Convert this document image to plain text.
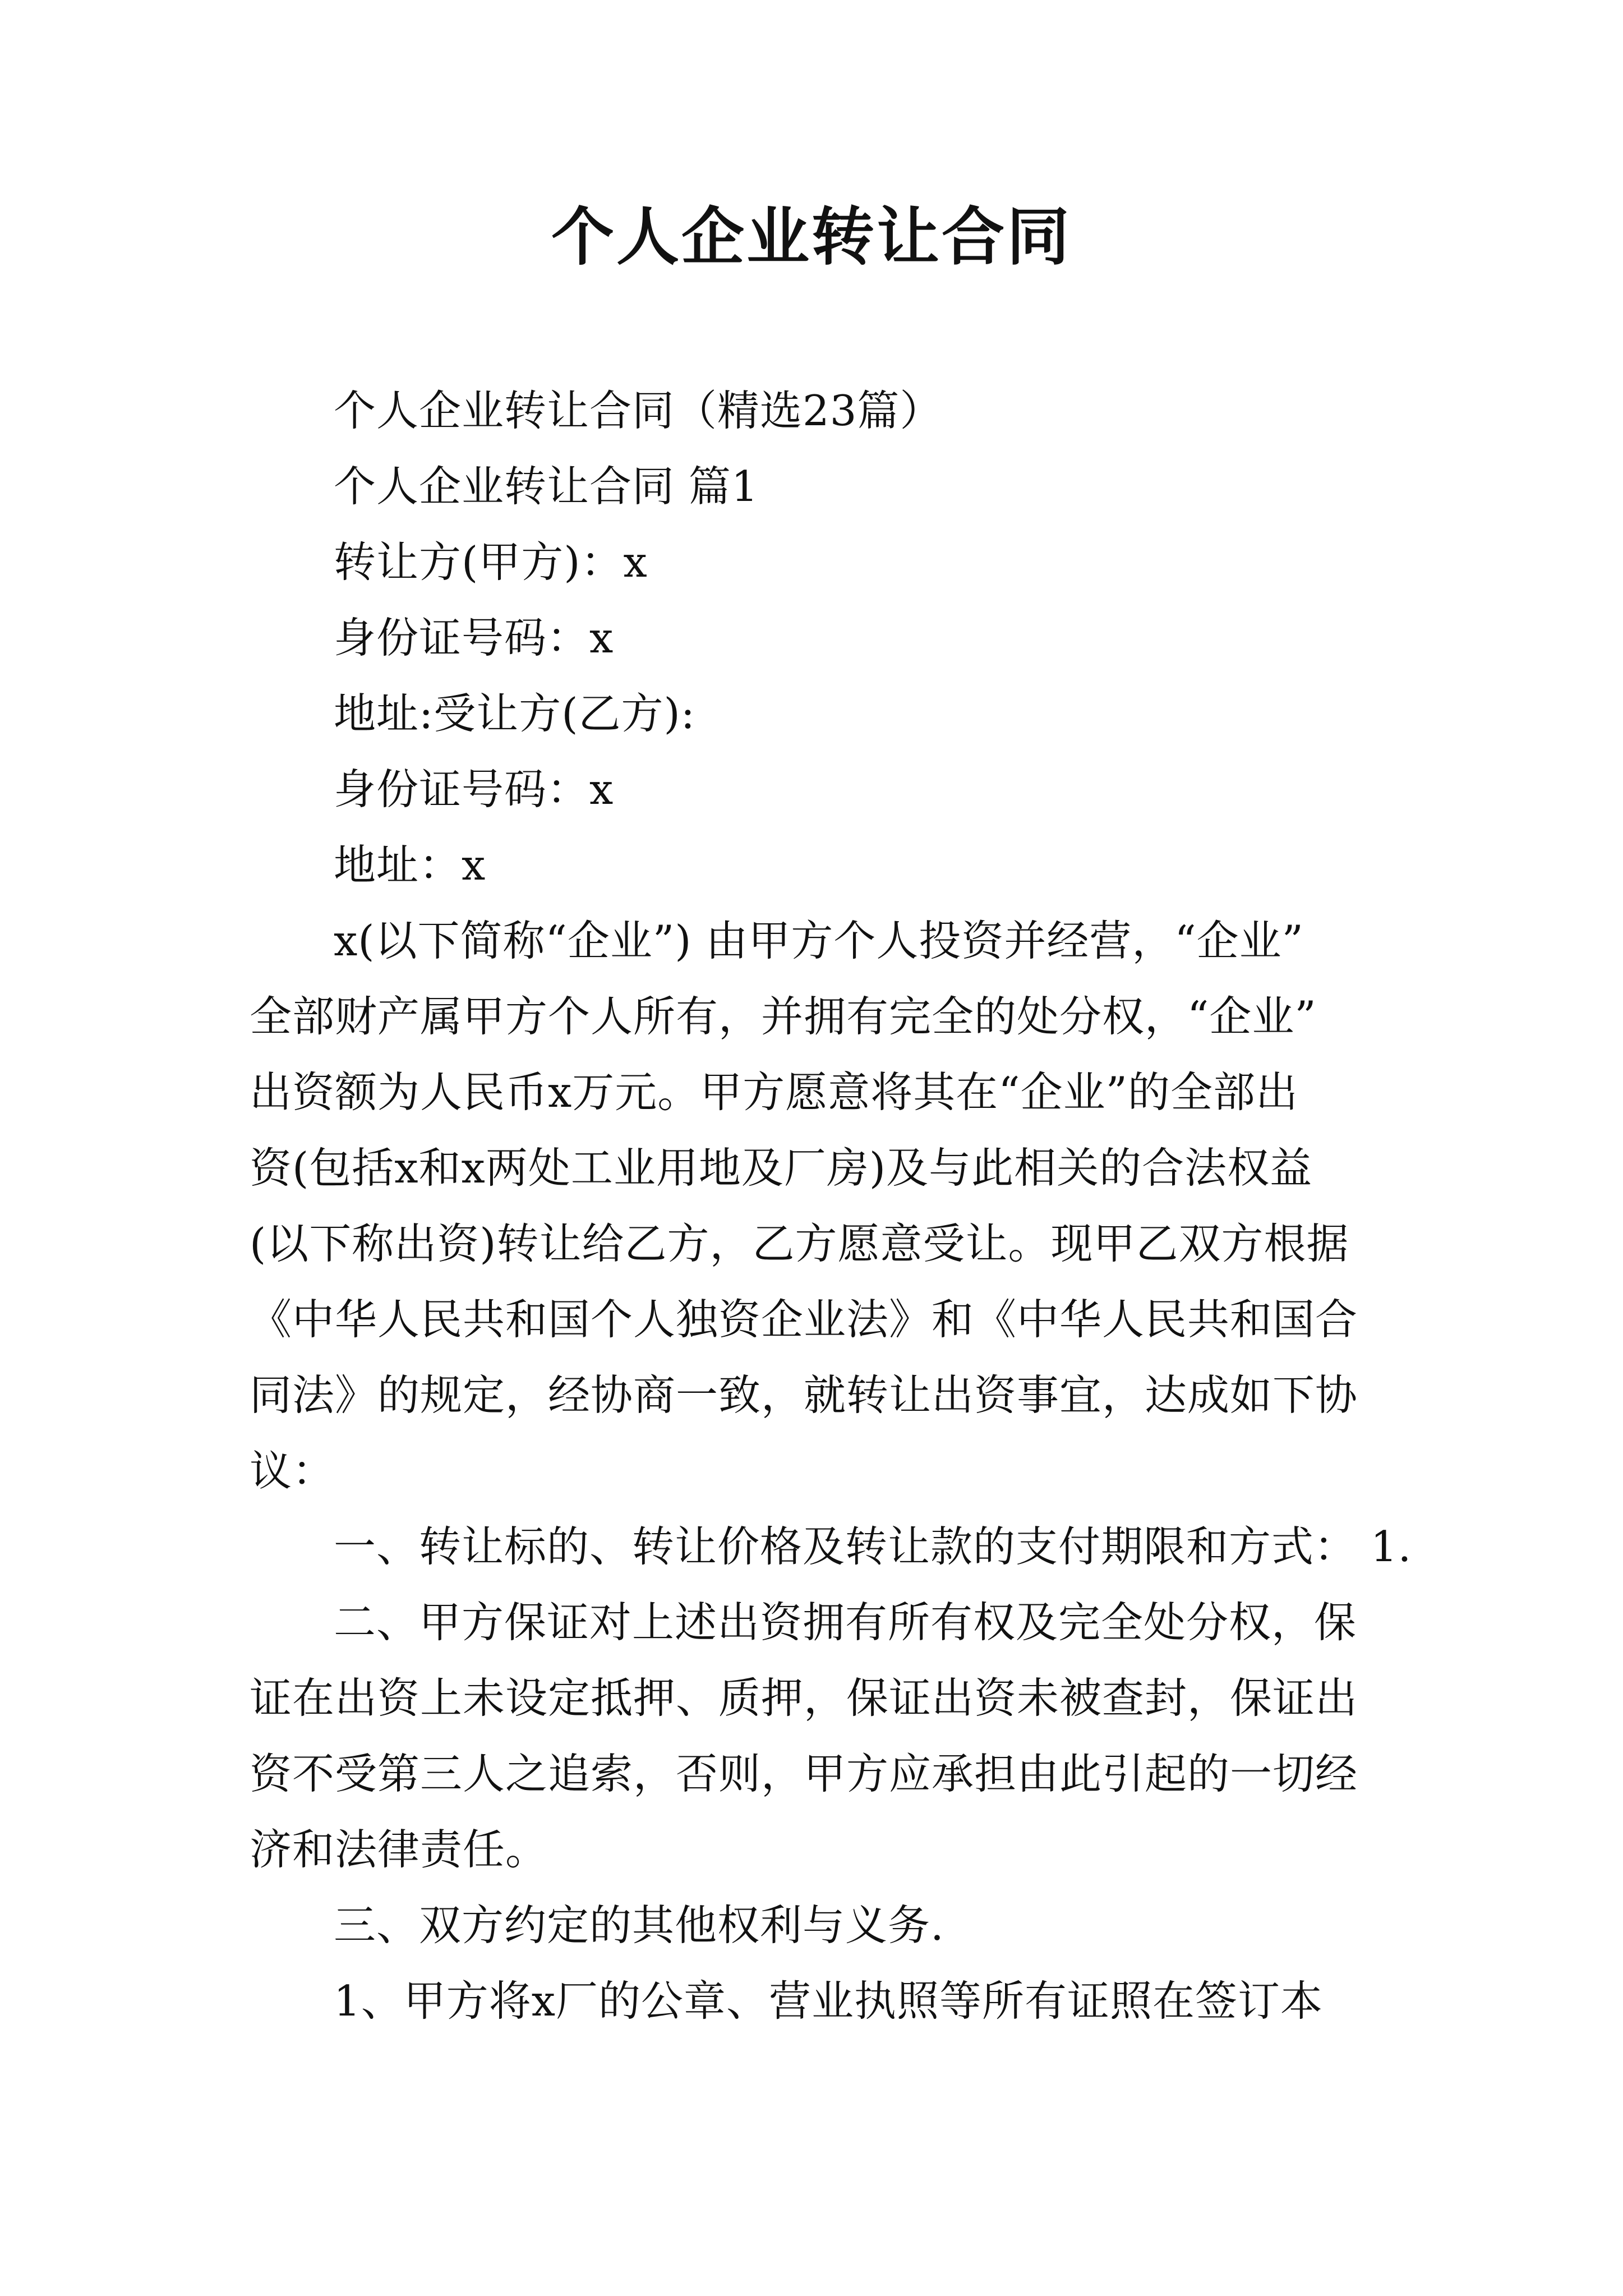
个人企业转让合同
个人企业转让合同（精选23篇）
个人企业转让合同 篇1
转让方(甲方)：x
身份证号码：x
地址:受让方(乙方):
身份证号码：x
地址：x
x(以下简称“企业”) 由甲方个人投资并经营，“企业”
全部财产属甲方个人所有，并拥有完全的处分权，“企业”
出资额为人民币x万元。甲方愿意将其在“企业”的全部出
资(包括x和x两处工业用地及厂房)及与此相关的合法权益
(以下称出资)转让给乙方，乙方愿意受让。现甲乙双方根据
《中华人民共和国个人独资企业法》和《中华人民共和国合
同法》的规定，经协商一致，就转让出资事宜，达成如下协
议：
一、转让标的、转让价格及转让款的支付期限和方式： 1.
二、甲方保证对上述出资拥有所有权及完全处分权，保
证在出资上未设定抵押、质押，保证出资未被查封，保证出
资不受第三人之追索，否则，甲方应承担由此引起的一切经
济和法律责任。
三、双方约定的其他权利与义务.
1、甲方将x厂的公章、营业执照等所有证照在签订本
